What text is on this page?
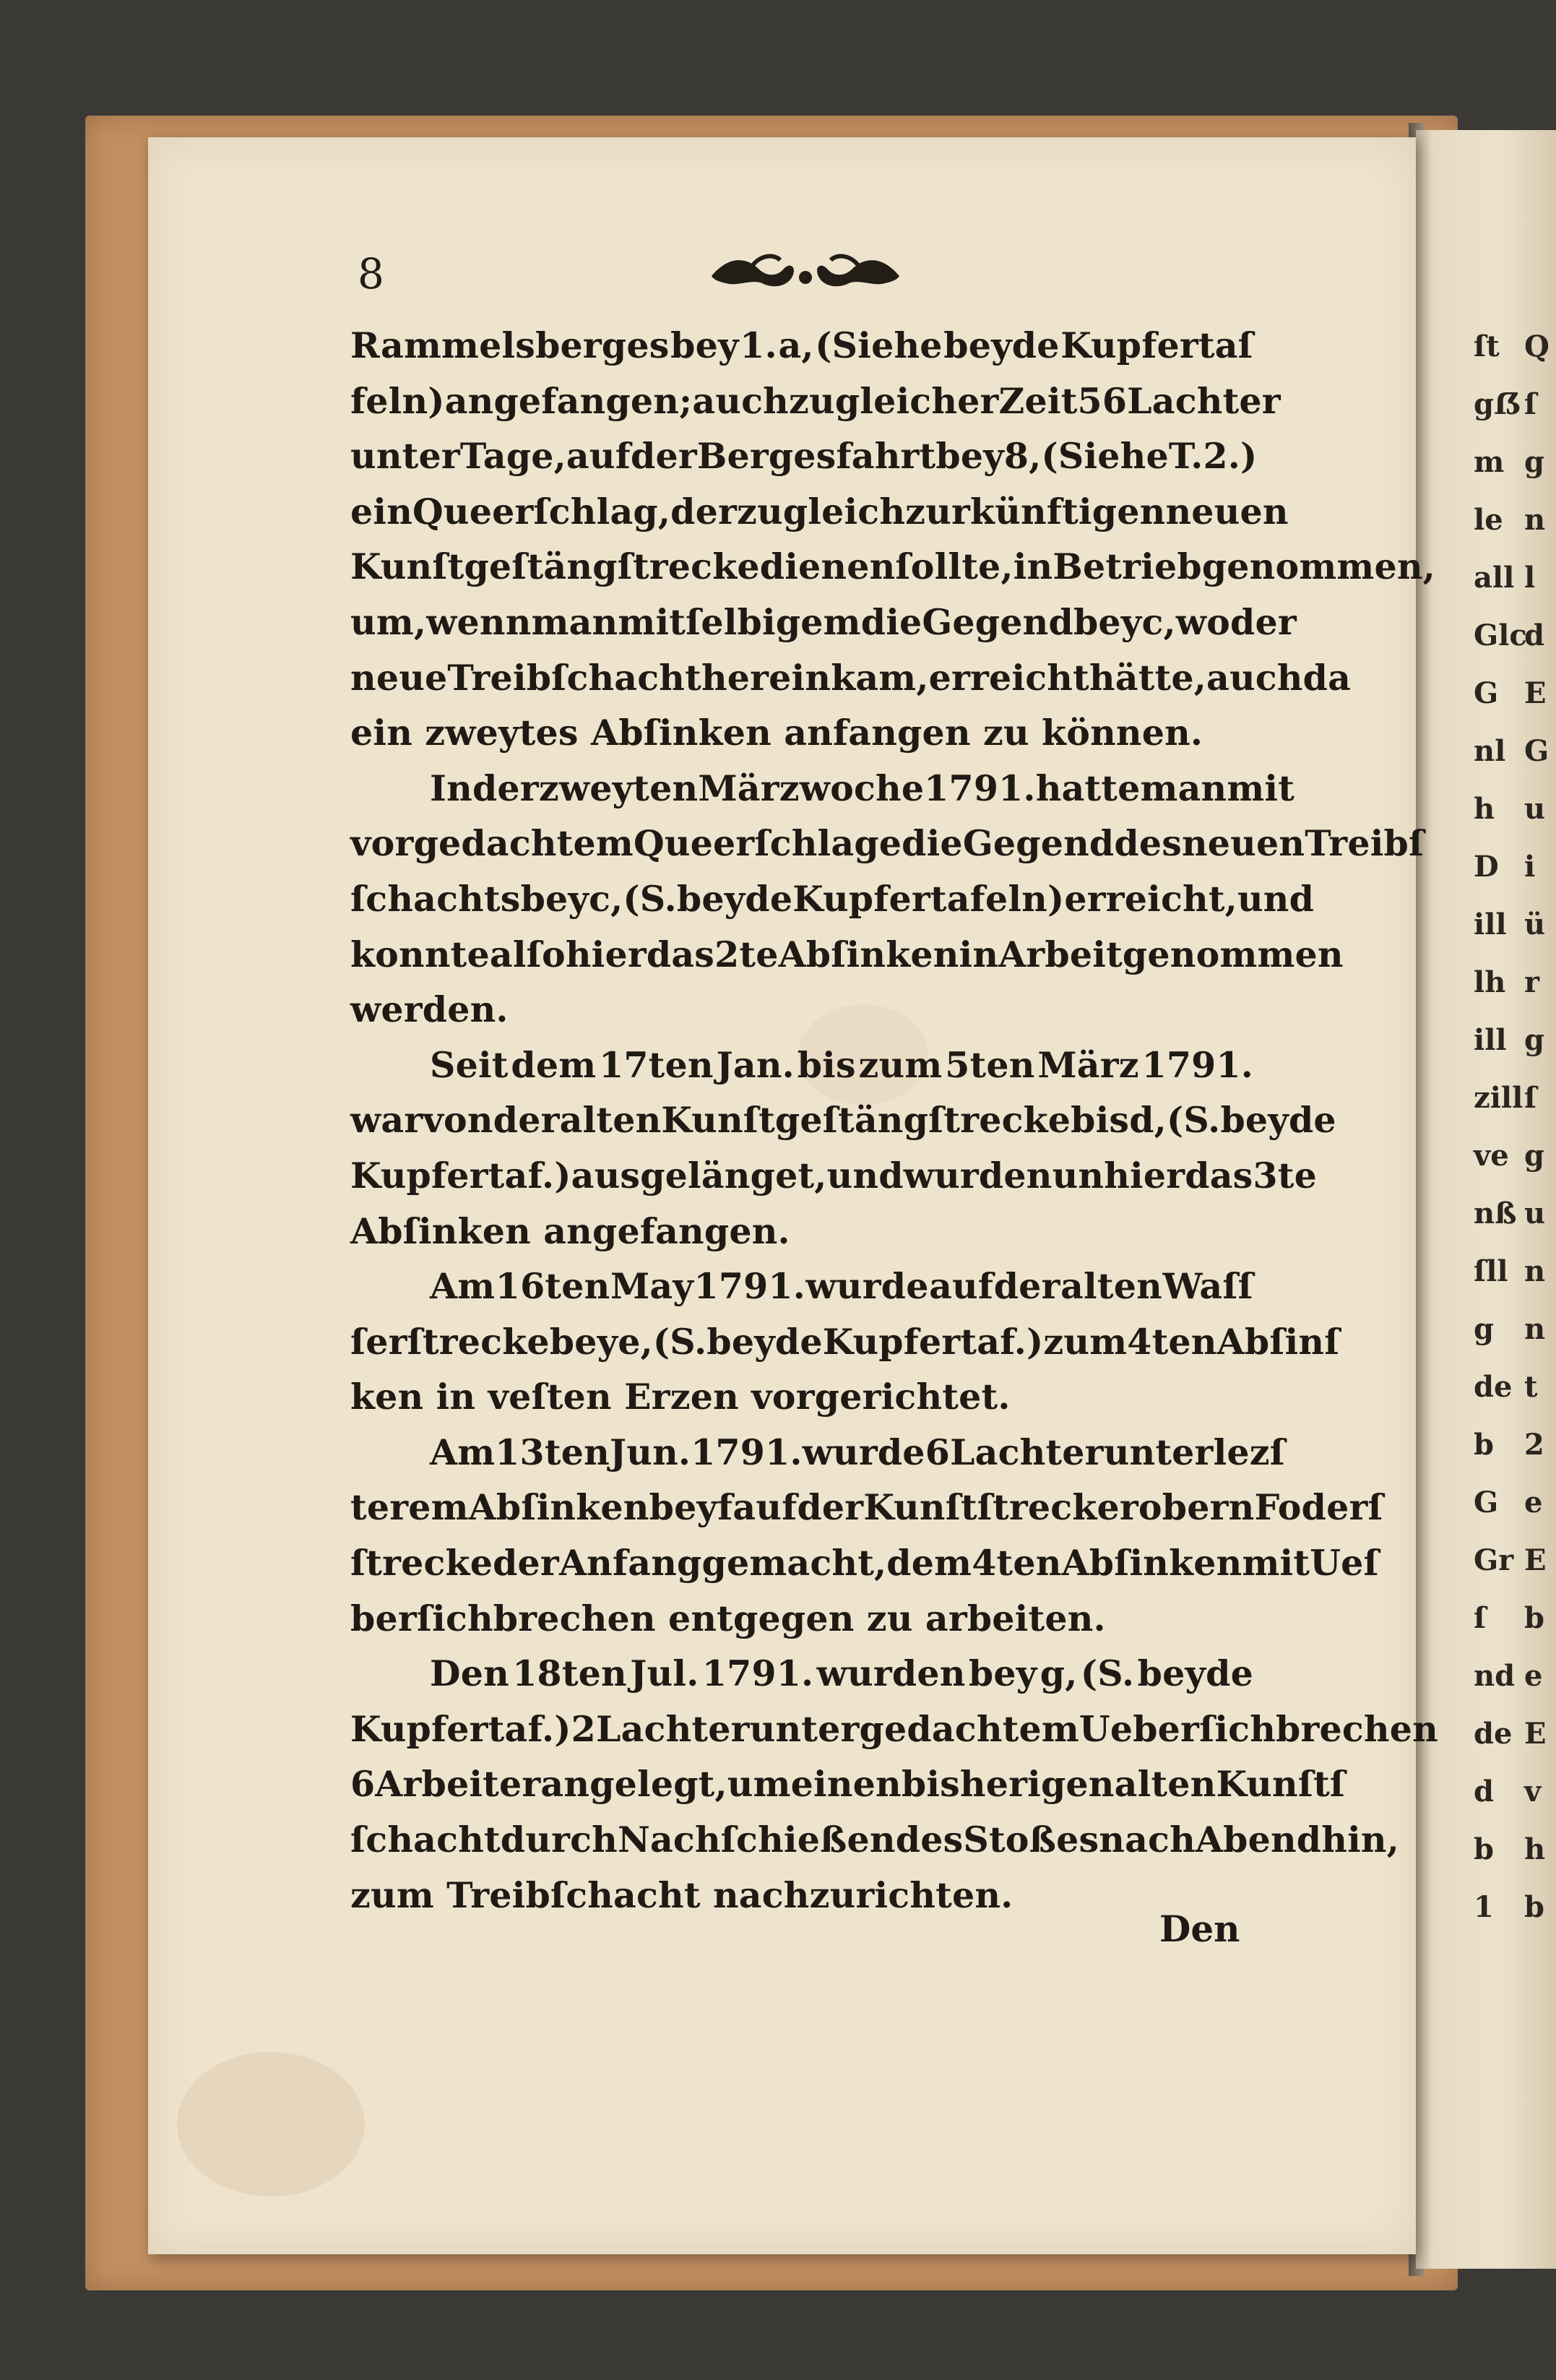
ſt
gẞ
m
le
all
Glc
G
nl
h
D
ill
lh
ill
zill
ve
nß
ſll
g
de
b
G
Gr
ſ
nd
de
d
b
1
Q
ſ
g
n
l
d
E
G
u
i
ü
r
g
ſ
g
u
n
n
t
2
e
E
b
e
E
v
h
b
8
Rammelsberges bey 1. a, (Siehe beyde Kupfertaſ
feln) angefangen; auch zu gleicher Zeit 56 Lachter
unter Tage, auf der Bergesfahrt bey 8, (Siehe T. 2.)
ein Queerſchlag, der zugleich zur künftigen neuen
Kunſtgeſtängſtrecke dienen ſollte, in Betrieb genommen,
um, wenn man mit ſelbigem die Gegend bey c, wo der
neue Treibſchacht herein kam, erreicht hätte, auch da
ein zweytes Abſinken anfangen zu können.
In der zweyten Märzwoche 1791. hatte man mit
vorgedachtem Queerſchlage die Gegend des neuen Treibſ
ſchachts bey c, (S. beyde Kupfertafeln) erreicht, und
konnte alſo hier das 2te Abſinken in Arbeit genommen
werden.
Seit dem 17ten Jan. bis zum 5ten März 1791.
war von der alten Kunſtgeſtängſtrecke bis d, (S. beyde
Kupfertaf.) ausgelänget, und wurde nun hier das 3te
Abſinken angefangen.
Am 16ten May 1791. wurde auf der alten Waſſ
ſerſtrecke bey e, (S. beyde Kupfertaf.) zum 4ten Abſinſ
ken in veſten Erzen vorgerichtet.
Am 13ten Jun. 1791. wurde 6 Lachter unter lezſ
terem Abſinken bey f auf der Kunſtſtrecker obern Foderſ
ſtrecke der Anfang gemacht, dem 4ten Abſinken mit Ueſ
berſichbrechen entgegen zu arbeiten.
Den 18ten Jul. 1791. wurden bey g, (S. beyde
Kupfertaf.) 2 Lachter unter gedachtem Ueberſichbrechen
6 Arbeiter angelegt, um einen bisherigen alten Kunſtſ
ſchacht durch Nachſchießen des Stoßes nach Abend hin,
zum Treibſchacht nachzurichten.
Den
